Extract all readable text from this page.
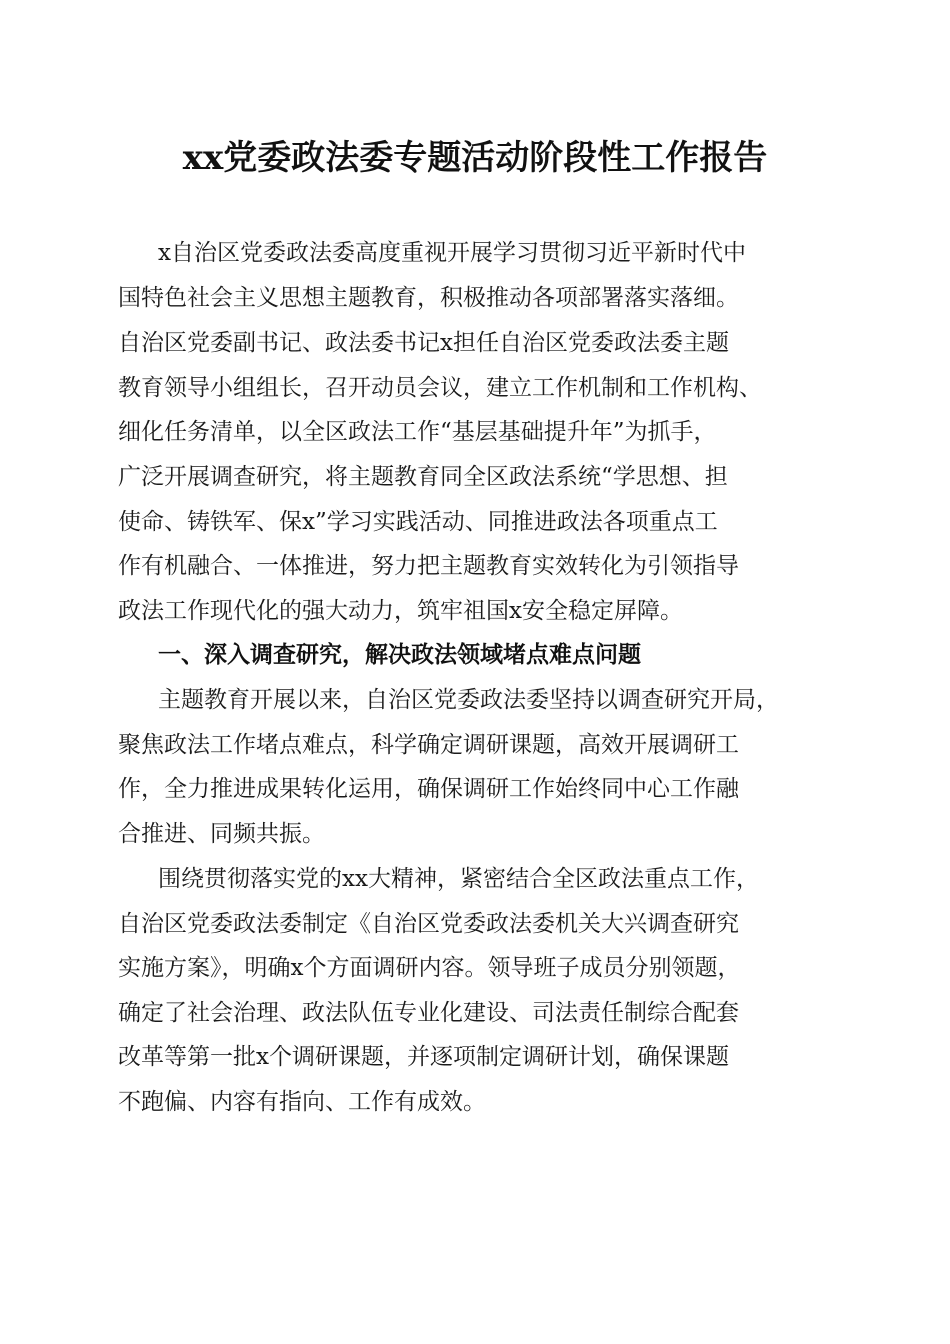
xx党委政法委专题活动阶段性工作报告

x自治区党委政法委高度重视开展学习贯彻习近平新时代中

国特色社会主义思想主题教育，积极推动各项部署落实落细。

自治区党委副书记、政法委书记x担任自治区党委政法委主题

教育领导小组组长，召开动员会议，建立工作机制和工作机构、

细化任务清单，以全区政法工作“基层基础提升年”为抓手，

广泛开展调查研究，将主题教育同全区政法系统“学思想、担

使命、铸铁军、保x”学习实践活动、同推进政法各项重点工

作有机融合、一体推进，努力把主题教育实效转化为引领指导

政法工作现代化的强大动力，筑牢祖国x安全稳定屏障。

一、深入调查研究，解决政法领域堵点难点问题

主题教育开展以来，自治区党委政法委坚持以调查研究开局，

聚焦政法工作堵点难点，科学确定调研课题，高效开展调研工

作，全力推进成果转化运用，确保调研工作始终同中心工作融

合推进、同频共振。

围绕贯彻落实党的xx大精神，紧密结合全区政法重点工作，

自治区党委政法委制定《自治区党委政法委机关大兴调查研究

实施方案》，明确x个方面调研内容。领导班子成员分别领题，

确定了社会治理、政法队伍专业化建设、司法责任制综合配套

改革等第一批x个调研课题，并逐项制定调研计划，确保课题

不跑偏、内容有指向、工作有成效。
